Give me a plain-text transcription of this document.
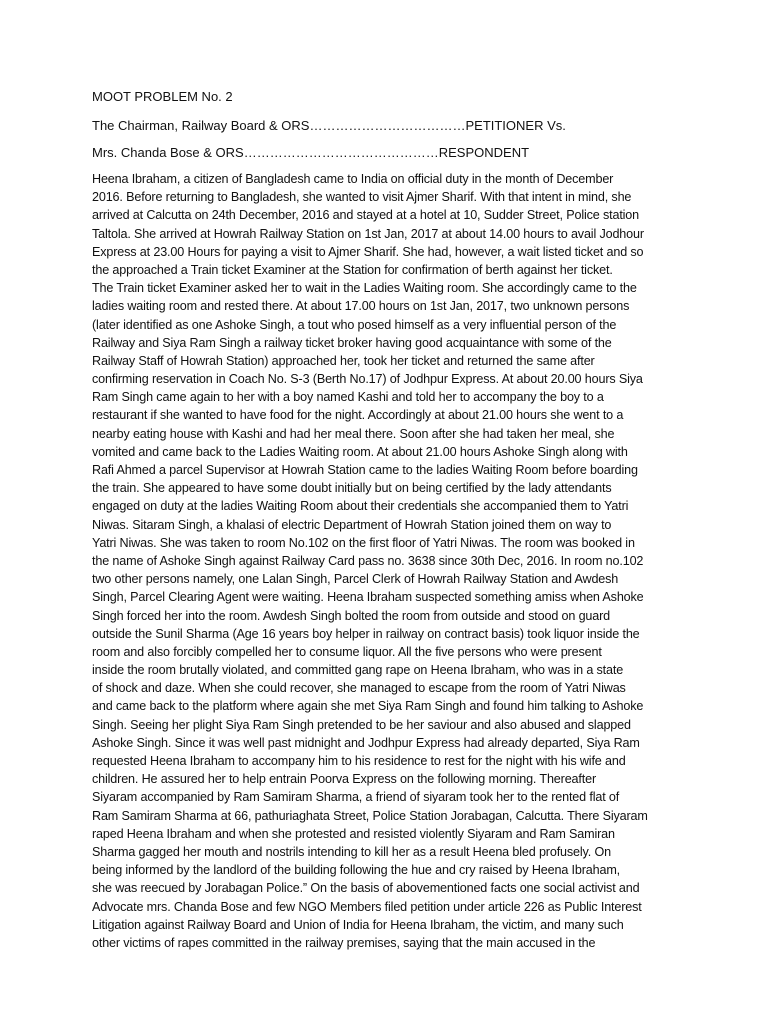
MOOT PROBLEM No. 2

The Chairman, Railway Board & ORS………………………………PETITIONER Vs.

Mrs. Chanda Bose & ORS………………………………………RESPONDENT

Heena Ibraham, a citizen of Bangladesh came to India on official duty in the month of December
2016. Before returning to Bangladesh, she wanted to visit Ajmer Sharif. With that intent in mind, she
arrived at Calcutta on 24th December, 2016 and stayed at a hotel at 10, Sudder Street, Police station
Taltola. She arrived at Howrah Railway Station on 1st Jan, 2017 at about 14.00 hours to avail Jodhour
Express at 23.00 Hours for paying a visit to Ajmer Sharif. She had, however, a wait listed ticket and so
the approached a Train ticket Examiner at the Station for confirmation of berth against her ticket.
The Train ticket Examiner asked her to wait in the Ladies Waiting room. She accordingly came to the
ladies waiting room and rested there. At about 17.00 hours on 1st Jan, 2017, two unknown persons
(later identified as one Ashoke Singh, a tout who posed himself as a very influential person of the
Railway and Siya Ram Singh a railway ticket broker having good acquaintance with some of the
Railway Staff of Howrah Station) approached her, took her ticket and returned the same after
confirming reservation in Coach No. S-3 (Berth No.17) of Jodhpur Express. At about 20.00 hours Siya
Ram Singh came again to her with a boy named Kashi and told her to accompany the boy to a
restaurant if she wanted to have food for the night. Accordingly at about 21.00 hours she went to a
nearby eating house with Kashi and had her meal there. Soon after she had taken her meal, she
vomited and came back to the Ladies Waiting room. At about 21.00 hours Ashoke Singh along with
Rafi Ahmed a parcel Supervisor at Howrah Station came to the ladies Waiting Room before boarding
the train. She appeared to have some doubt initially but on being certified by the lady attendants
engaged on duty at the ladies Waiting Room about their credentials she accompanied them to Yatri
Niwas. Sitaram Singh, a khalasi of electric Department of Howrah Station joined them on way to
Yatri Niwas. She was taken to room No.102 on the first floor of Yatri Niwas. The room was booked in
the name of Ashoke Singh against Railway Card pass no. 3638 since 30th Dec, 2016. In room no.102
two other persons namely, one Lalan Singh, Parcel Clerk of Howrah Railway Station and Awdesh
Singh, Parcel Clearing Agent were waiting. Heena Ibraham suspected something amiss when Ashoke
Singh forced her into the room. Awdesh Singh bolted the room from outside and stood on guard
outside the Sunil Sharma (Age 16 years boy helper in railway on contract basis) took liquor inside the
room and also forcibly compelled her to consume liquor. All the five persons who were present
inside the room brutally violated, and committed gang rape on Heena Ibraham, who was in a state
of shock and daze. When she could recover, she managed to escape from the room of Yatri Niwas
and came back to the platform where again she met Siya Ram Singh and found him talking to Ashoke
Singh. Seeing her plight Siya Ram Singh pretended to be her saviour and also abused and slapped
Ashoke Singh. Since it was well past midnight and Jodhpur Express had already departed, Siya Ram
requested Heena Ibraham to accompany him to his residence to rest for the night with his wife and
children. He assured her to help entrain Poorva Express on the following morning. Thereafter
Siyaram accompanied by Ram Samiram Sharma, a friend of siyaram took her to the rented flat of
Ram Samiram Sharma at 66, pathuriaghata Street, Police Station Jorabagan, Calcutta. There Siyaram
raped Heena Ibraham and when she protested and resisted violently Siyaram and Ram Samiran
Sharma gagged her mouth and nostrils intending to kill her as a result Heena bled profusely. On
being informed by the landlord of the building following the hue and cry raised by Heena Ibraham,
she was reecued by Jorabagan Police.” On the basis of abovementioned facts one social activist and
Advocate mrs. Chanda Bose and few NGO Members filed petition under article 226 as Public Interest
Litigation against Railway Board and Union of India for Heena Ibraham, the victim, and many such
other victims of rapes committed in the railway premises, saying that the main accused in the
